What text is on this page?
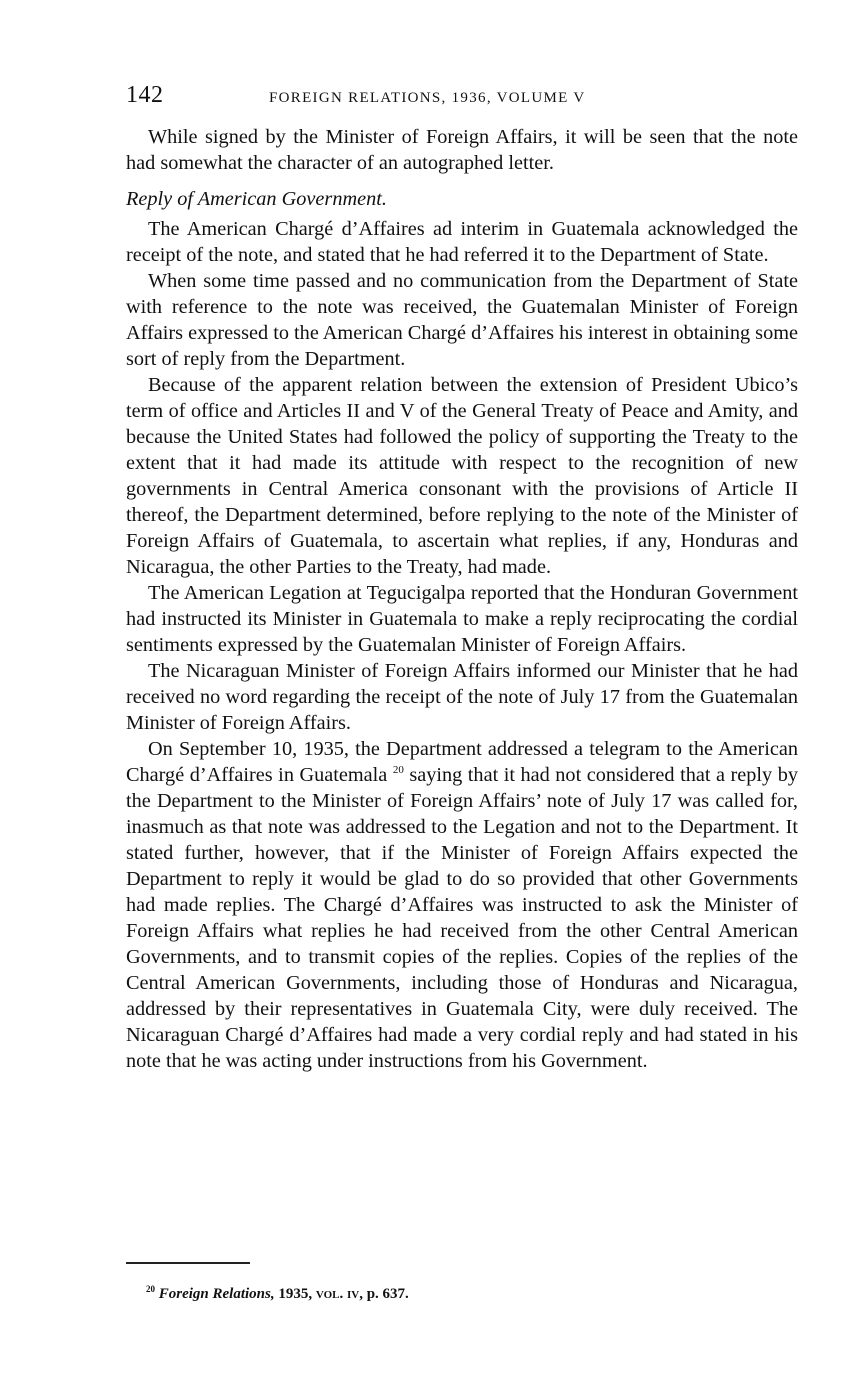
142	FOREIGN RELATIONS, 1936, VOLUME V

While signed by the Minister of Foreign Affairs, it will be seen that the note had somewhat the character of an autographed letter.

Reply of American Government.

The American Chargé d’Affaires ad interim in Guatemala acknowledged the receipt of the note, and stated that he had referred it to the Department of State.

When some time passed and no communication from the Department of State with reference to the note was received, the Guatemalan Minister of Foreign Affairs expressed to the American Chargé d’Affaires his interest in obtaining some sort of reply from the Department.

Because of the apparent relation between the extension of President Ubico’s term of office and Articles II and V of the General Treaty of Peace and Amity, and because the United States had followed the policy of supporting the Treaty to the extent that it had made its attitude with respect to the recognition of new governments in Central America consonant with the provisions of Article II thereof, the Department determined, before replying to the note of the Minister of Foreign Affairs of Guatemala, to ascertain what replies, if any, Honduras and Nicaragua, the other Parties to the Treaty, had made.

The American Legation at Tegucigalpa reported that the Honduran Government had instructed its Minister in Guatemala to make a reply reciprocating the cordial sentiments expressed by the Guatemalan Minister of Foreign Affairs.

The Nicaraguan Minister of Foreign Affairs informed our Minister that he had received no word regarding the receipt of the note of July 17 from the Guatemalan Minister of Foreign Affairs.

On September 10, 1935, the Department addressed a telegram to the American Chargé d’Affaires in Guatemala $^{20}$ saying that it had not considered that a reply by the Department to the Minister of Foreign Affairs’ note of July 17 was called for, inasmuch as that note was addressed to the Legation and not to the Department. It stated further, however, that if the Minister of Foreign Affairs expected the Department to reply it would be glad to do so provided that other Governments had made replies. The Chargé d’Affaires was instructed to ask the Minister of Foreign Affairs what replies he had received from the other Central American Governments, and to transmit copies of the replies. Copies of the replies of the Central American Governments, including those of Honduras and Nicaragua, addressed by their representatives in Guatemala City, were duly received. The Nicaraguan Chargé d’Affaires had made a very cordial reply and had stated in his note that he was acting under instructions from his Government.

$^{20}$ Foreign Relations, 1935, vol. iv, p. 637.
